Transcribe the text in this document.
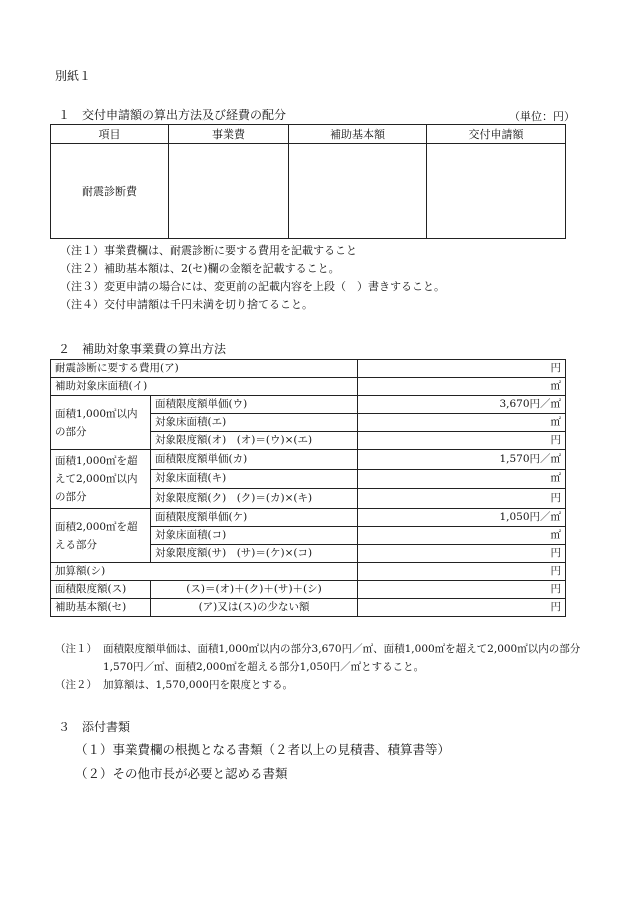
別紙１
１　交付申請額の算出方法及び経費の配分	（単位：円）
項目	事業費	補助基本額	交付申請額
耐震診断費			
（注１）事業費欄は、耐震診断に要する費用を記載すること
（注２）補助基本額は、2(セ)欄の金額を記載すること。
（注３）変更申請の場合には、変更前の記載内容を上段（　）書きすること。
（注４）交付申請額は千円未満を切り捨てること。
２　補助対象事業費の算出方法
耐震診断に要する費用(ア)		円
補助対象床面積(イ)		㎡
面積1,000㎡以内の部分	面積限度額単価(ウ)	3,670円／㎡
	対象床面積(エ)	㎡
	対象限度額(オ)　(オ)＝(ウ)×(エ)	円
面積1,000㎡を超えて2,000㎡以内の部分	面積限度額単価(カ)	1,570円／㎡
	対象床面積(キ)	㎡
	対象限度額(ク)　(ク)＝(カ)×(キ)	円
面積2,000㎡を超える部分	面積限度額単価(ケ)	1,050円／㎡
	対象床面積(コ)	㎡
	対象限度額(サ)　(サ)＝(ケ)×(コ)	円
加算額(シ)		円
面積限度額(ス)	(ス)＝(オ)＋(ク)＋(サ)＋(シ)	円
補助基本額(セ)	(ア)又は(ス)の少ない額	円
（注１） 面積限度額単価は、面積1,000㎡以内の部分3,670円／㎡、面積1,000㎡を超えて2,000㎡以内の部分1,570円／㎡、面積2,000㎡を超える部分1,050円／㎡とすること。
（注２） 加算額は、1,570,000円を限度とする。
３　添付書類
（１）事業費欄の根拠となる書類（２者以上の見積書、積算書等）
（２）その他市長が必要と認める書類
